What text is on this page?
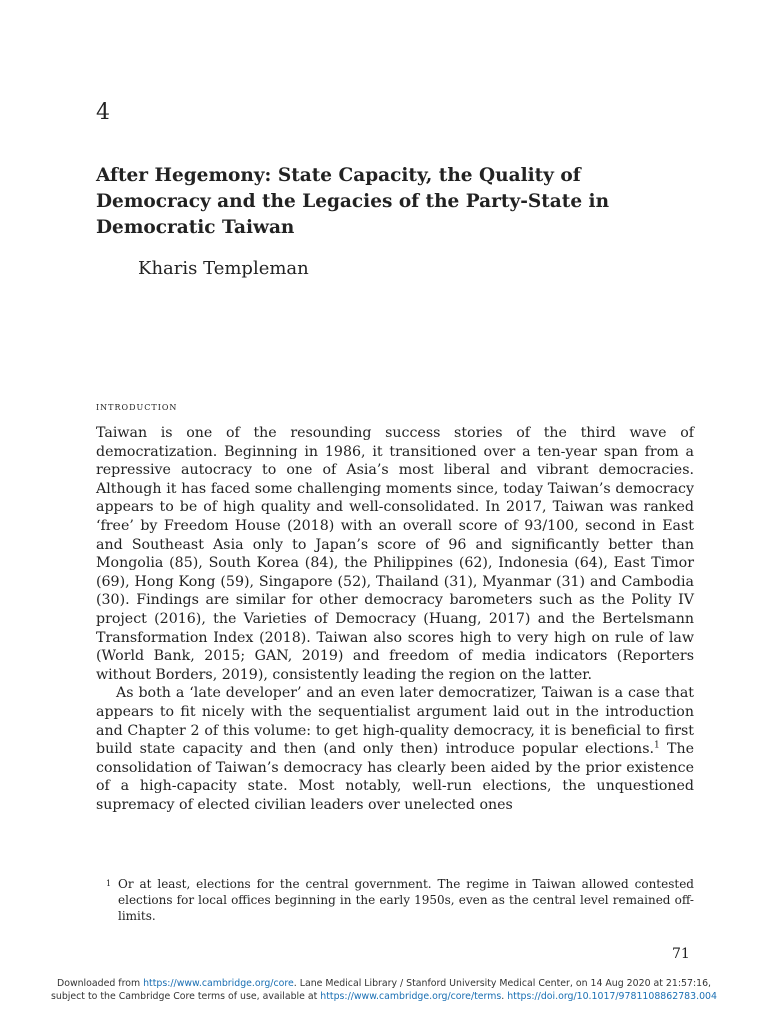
4
After Hegemony: State Capacity, the Quality of Democracy and the Legacies of the Party-State in Democratic Taiwan
Kharis Templeman
introduction

Taiwan is one of the resounding success stories of the third wave of democratization. Beginning in 1986, it transitioned over a ten-year span from a repressive autocracy to one of Asia’s most liberal and vibrant democracies. Although it has faced some challenging moments since, today Taiwan’s democracy appears to be of high quality and well-consolidated. In 2017, Taiwan was ranked ‘free’ by Freedom House (2018) with an overall score of 93/100, second in East and Southeast Asia only to Japan’s score of 96 and significantly better than Mongolia (85), South Korea (84), the Philippines (62), Indonesia (64), East Timor (69), Hong Kong (59), Singapore (52), Thailand (31), Myanmar (31) and Cambodia (30). Findings are similar for other democracy barometers such as the Polity IV project (2016), the Varieties of Democracy (Huang, 2017) and the Bertelsmann Transformation Index (2018). Taiwan also scores high to very high on rule of law (World Bank, 2015; GAN, 2019) and freedom of media indicators (Reporters without Borders, 2019), consistently leading the region on the latter.

As both a ‘late developer’ and an even later democratizer, Taiwan is a case that appears to fit nicely with the sequentialist argument laid out in the introduction and Chapter 2 of this volume: to get high-quality democracy, it is beneficial to first build state capacity and then (and only then) introduce popular elections.$^1$ The consolidation of Taiwan’s democracy has clearly been aided by the prior existence of a high-capacity state. Most notably, well-run elections, the unquestioned supremacy of elected civilian leaders over unelected ones

1 Or at least, elections for the central government. The regime in Taiwan allowed contested elections for local offices beginning in the early 1950s, even as the central level remained off-limits.
71
Downloaded from https://www.cambridge.org/core. Lane Medical Library / Stanford University Medical Center, on 14 Aug 2020 at 21:57:16,
subject to the Cambridge Core terms of use, available at https://www.cambridge.org/core/terms. https://doi.org/10.1017/9781108862783.004
